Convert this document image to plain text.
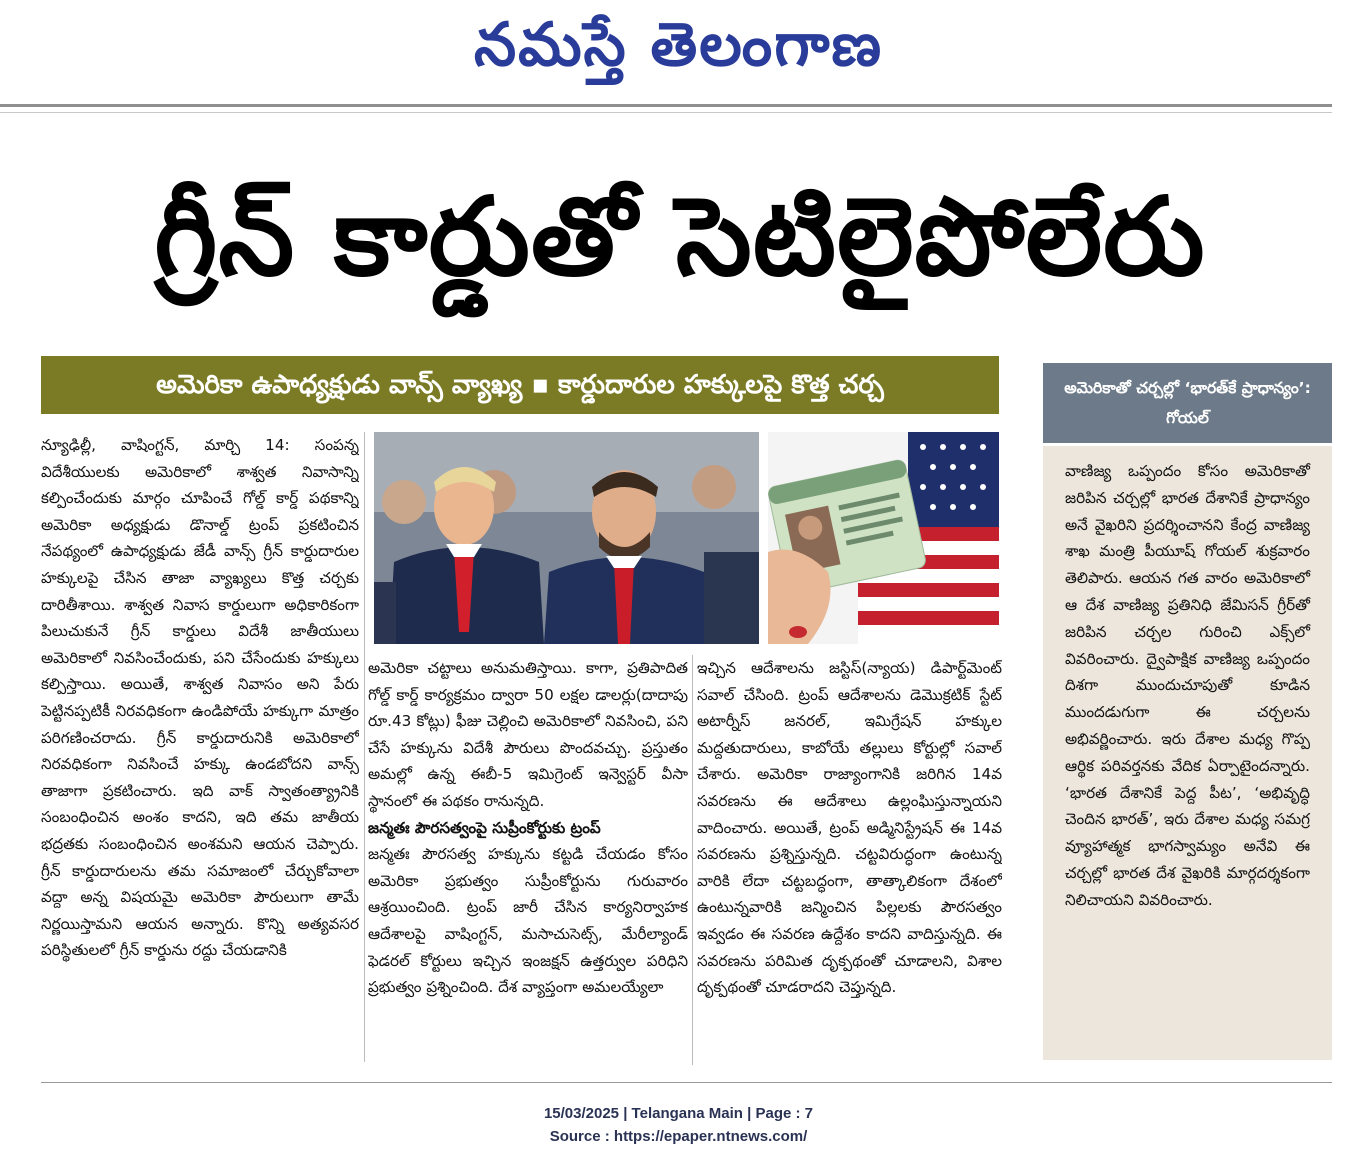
నమస్తే తెలంగాణ
గ్రీన్ కార్డుతో సెటిలైపోలేరు
అమెరికా ఉపాధ్యక్షుడు వాన్స్ వ్యాఖ్య ▪ కార్డుదారుల హక్కులపై కొత్త చర్చ
న్యూఢిల్లీ, వాషింగ్టన్, మార్చి 14: సంపన్న విదేశీయులకు అమెరికాలో శాశ్వత నివాసాన్ని కల్పించేందుకు మార్గం చూపించే గోల్డ్ కార్డ్ పథకాన్ని అమెరికా అధ్యక్షుడు డొనాల్డ్ ట్రంప్ ప్రకటించిన నేపథ్యంలో ఉపాధ్యక్షుడు జేడీ వాన్స్ గ్రీన్ కార్డుదారుల హక్కులపై చేసిన తాజా వ్యాఖ్యలు కొత్త చర్చకు దారితీశాయి. శాశ్వత నివాస కార్డులుగా అధికారికంగా పిలుచుకునే గ్రీన్ కార్డులు విదేశీ జాతీయులు అమెరికాలో నివసించేందుకు, పని చేసేందుకు హక్కులు కల్పిస్తాయి. అయితే, శాశ్వత నివాసం అని పేరు పెట్టినప్పటికీ నిరవధికంగా ఉండిపోయే హక్కుగా మాత్రం పరిగణించరాదు. గ్రీన్ కార్డుదారునికి అమెరికాలో నిరవధికంగా నివసించే హక్కు ఉండబోదని వాన్స్ తాజాగా ప్రకటించారు. ఇది వాక్ స్వాతంత్య్రానికి సంబంధించిన అంశం కాదని, ఇది తమ జాతీయ భద్రతకు సంబంధించిన అంశమని ఆయన చెప్పారు. గ్రీన్ కార్డుదారులను తమ సమాజంలో చేర్చుకోవాలా వద్దా అన్న విషయమై అమెరికా పౌరులుగా తామే నిర్ణయిస్తామని ఆయన అన్నారు. కొన్ని అత్యవసర పరిస్థితులలో గ్రీన్ కార్డును రద్దు చేయడానికి
అమెరికా చట్టాలు అనుమతిస్తాయి. కాగా, ప్రతిపాదిత గోల్డ్ కార్డ్ కార్యక్రమం ద్వారా 50 లక్షల డాలర్లు(దాదాపు రూ.43 కోట్లు) ఫీజు చెల్లించి అమెరికాలో నివసించి, పని చేసే హక్కును విదేశీ పౌరులు పొందవచ్చు. ప్రస్తుతం అమల్లో ఉన్న ఈబీ-5 ఇమిగ్రెంట్ ఇన్వెస్టర్ వీసా స్థానంలో ఈ పథకం రానున్నది.
జన్మతః పౌరసత్వంపై సుప్రీంకోర్టుకు ట్రంప్
జన్మతః పౌరసత్వ హక్కును కట్టడి చేయడం కోసం అమెరికా ప్రభుత్వం సుప్రీంకోర్టును గురువారం ఆశ్రయించింది. ట్రంప్ జారీ చేసిన కార్యనిర్వాహక ఆదేశాలపై వాషింగ్టన్, మసాచుసెట్స్, మేరీల్యాండ్ ఫెడరల్ కోర్టులు ఇచ్చిన ఇంజక్షన్ ఉత్తర్వుల పరిధిని ప్రభుత్వం ప్రశ్నించింది. దేశ వ్యాప్తంగా అమలయ్యేలా
ఇచ్చిన ఆదేశాలను జస్టిస్(న్యాయ) డిపార్ట్‌మెంట్ సవాల్ చేసింది. ట్రంప్ ఆదేశాలను డెమొక్రటిక్ స్టేట్ అటార్నీస్ జనరల్, ఇమిగ్రేషన్ హక్కుల మద్దతుదారులు, కాబోయే తల్లులు కోర్టుల్లో సవాల్ చేశారు. అమెరికా రాజ్యాంగానికి జరిగిన 14వ సవరణను ఈ ఆదేశాలు ఉల్లంఘిస్తున్నాయని వాదించారు. అయితే, ట్రంప్ అడ్మినిస్ట్రేషన్ ఈ 14వ సవరణను ప్రశ్నిస్తున్నది. చట్టవిరుద్ధంగా ఉంటున్న వారికి లేదా చట్టబద్ధంగా, తాత్కాలికంగా దేశంలో ఉంటున్నవారికి జన్మించిన పిల్లలకు పౌరసత్వం ఇవ్వడం ఈ సవరణ ఉద్దేశం కాదని వాదిస్తున్నది. ఈ సవరణను పరిమిత దృక్పథంతో చూడాలని, విశాల దృక్పథంతో చూడరాదని చెప్తున్నది.
అమెరికాతో చర్చల్లో ‘భారత్‌కే ప్రాధాన్యం’: గోయల్
వాణిజ్య ఒప్పందం కోసం అమెరికాతో జరిపిన చర్చల్లో భారత దేశానికే ప్రాధాన్యం అనే వైఖరిని ప్రదర్శించానని కేంద్ర వాణిజ్య శాఖ మంత్రి పీయూష్ గోయల్ శుక్రవారం తెలిపారు. ఆయన గత వారం అమెరికాలో ఆ దేశ వాణిజ్య ప్రతినిధి జేమిసన్ గ్రీర్‌తో జరిపిన చర్చల గురించి ఎక్స్‌లో వివరించారు. ద్వైపాక్షిక వాణిజ్య ఒప్పందం దిశగా ముందుచూపుతో కూడిన ముందడుగుగా ఈ చర్చలను అభివర్ణించారు. ఇరు దేశాల మధ్య గొప్ప ఆర్థిక పరివర్తనకు వేదిక ఏర్పాటైందన్నారు. ‘భారత దేశానికే పెద్ద పీట’, ‘అభివృద్ధి చెందిన భారత్’, ఇరు దేశాల మధ్య సమగ్ర వ్యూహాత్మక భాగస్వామ్యం అనేవి ఈ చర్చల్లో భారత దేశ వైఖరికి మార్గదర్శకంగా నిలిచాయని వివరించారు.
15/03/2025 | Telangana Main | Page : 7
Source : https://epaper.ntnews.com/
